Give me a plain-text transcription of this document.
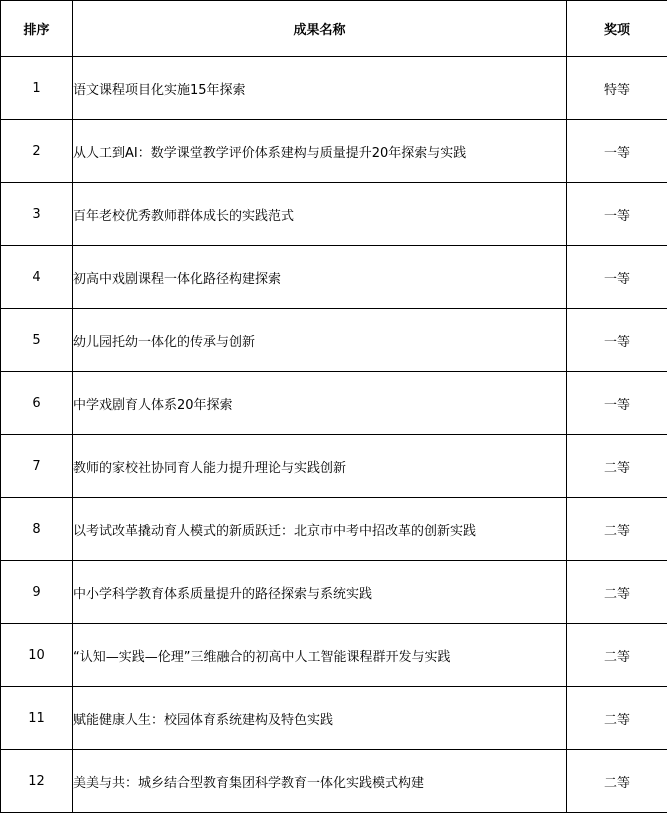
排序	成果名称	奖项
1	语文课程项目化实施15年探索	特等
2	从人工到AI：数学课堂教学评价体系建构与质量提升20年探索与实践	一等
3	百年老校优秀教师群体成长的实践范式	一等
4	初高中戏剧课程一体化路径构建探索	一等
5	幼儿园托幼一体化的传承与创新	一等
6	中学戏剧育人体系20年探索	一等
7	教师的家校社协同育人能力提升理论与实践创新	二等
8	以考试改革撬动育人模式的新质跃迁：北京市中考中招改革的创新实践	二等
9	中小学科学教育体系质量提升的路径探索与系统实践	二等
10	“认知—实践—伦理”三维融合的初高中人工智能课程群开发与实践	二等
11	赋能健康人生：校园体育系统建构及特色实践	二等
12	美美与共：城乡结合型教育集团科学教育一体化实践模式构建	二等
